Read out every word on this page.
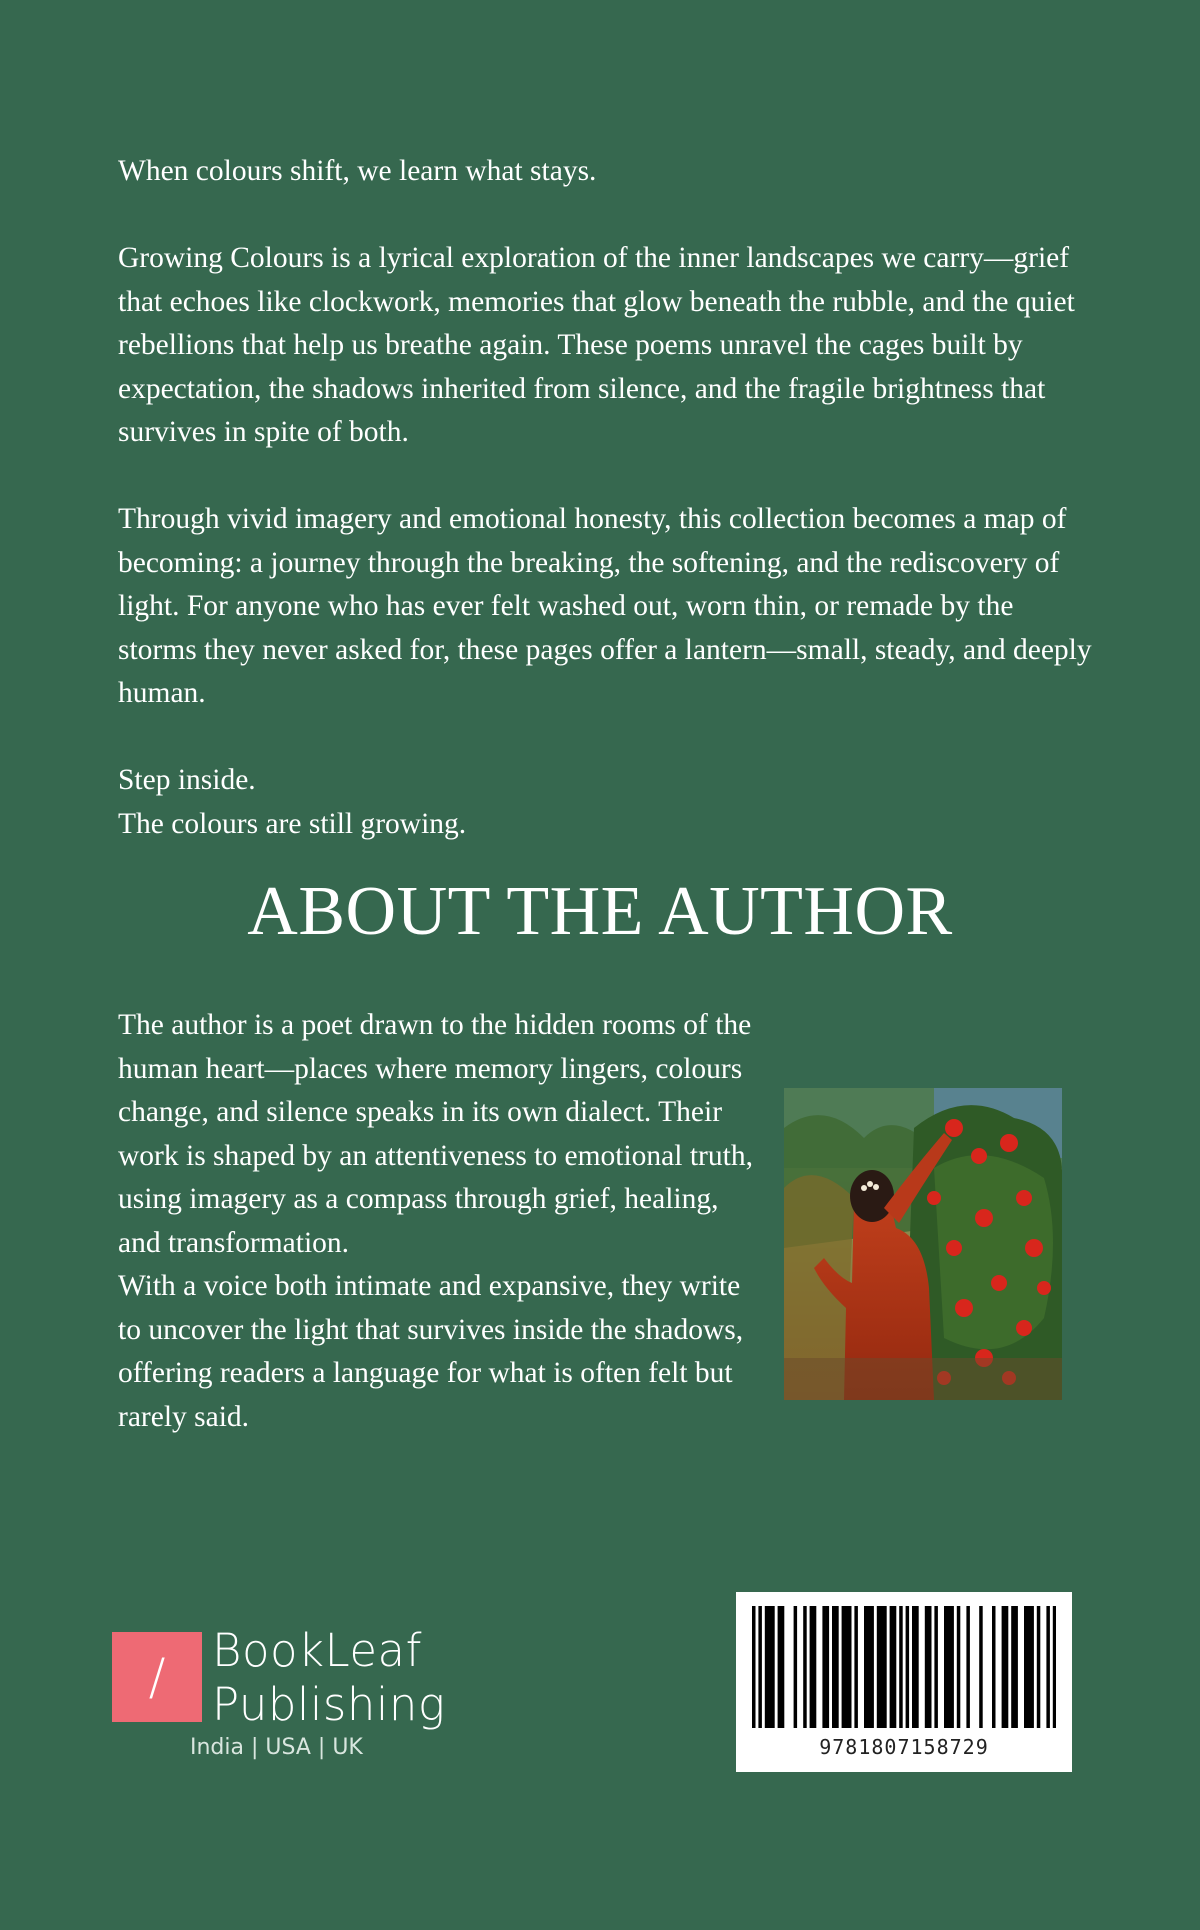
When colours shift, we learn what stays.

Growing Colours is a lyrical exploration of the inner landscapes we carry—grief that echoes like clockwork, memories that glow beneath the rubble, and the quiet rebellions that help us breathe again. These poems unravel the cages built by expectation, the shadows inherited from silence, and the fragile brightness that survives in spite of both.

Through vivid imagery and emotional honesty, this collection becomes a map of becoming: a journey through the breaking, the softening, and the rediscovery of light. For anyone who has ever felt washed out, worn thin, or remade by the storms they never asked for, these pages offer a lantern—small, steady, and deeply human.

Step inside.
The colours are still growing.

ABOUT THE AUTHOR

The author is a poet drawn to the hidden rooms of the human heart—places where memory lingers, colours change, and silence speaks in its own dialect. Their work is shaped by an attentiveness to emotional truth, using imagery as a compass through grief, healing, and transformation.

With a voice both intimate and expansive, they write to uncover the light that survives inside the shadows, offering readers a language for what is often felt but rarely said.

/	BookLeaf
Publishing
India | USA | UK	9781807158729
